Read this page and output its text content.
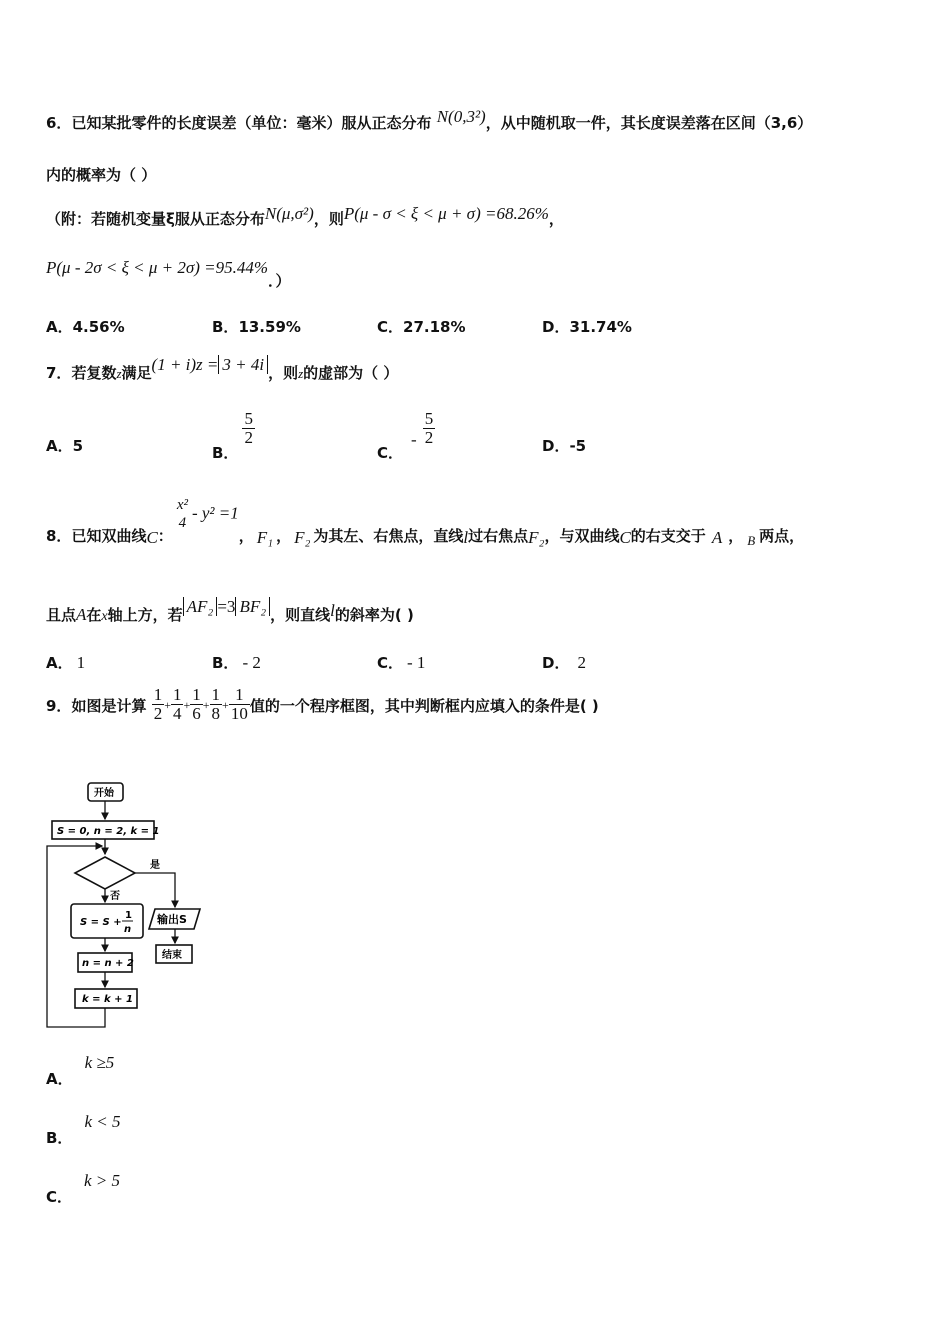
6．已知某批零件的长度误差（单位：毫米）服从正态分布 N(0,3²)，从中随机取一件，其长度误差落在区间（3,6）
内的概率为（ ）
（附：若随机变量ξ服从正态分布N(μ,σ²)，则P(μ - σ < ξ < μ + σ) =68.26%，
P(μ - 2σ < ξ < μ + 2σ) =95.44%．）
A．4.56%	B．13.59%	C．27.18%	D．31.74%
7．若复数z满足(1 + i)z = 3 + 4i ，则z的虚部为（ ）
A．5	B．
$\frac{5}{2}$
C．- $\frac{5}{2}$	D．-5
8．已知双曲线C：
x²
4
- y² =1， F₁ ， F₂ 为其左、右焦点，直线l过右焦点F₂，与双曲线C的右支交于 A ， B 两点，
且点A在x轴上方，若 AF₂ =3 BF₂ ，则直线l的斜率为( )
A． 1	B． - 2	C． - 1	D． 2
9．如图是计算 $\frac{1}{2} + \frac{1}{4} + \frac{1}{6} + \frac{1}{8} + \frac{1}{10}$ 值的一个程序框图，其中判断框内应填入的条件是( )
开始
S = 0, n = 2, k = 1
是
否
S = S +
1
n
n = n + 2
k = k + 1
输出S
结束
A．k ≥5
B．k < 5
C．k > 5
